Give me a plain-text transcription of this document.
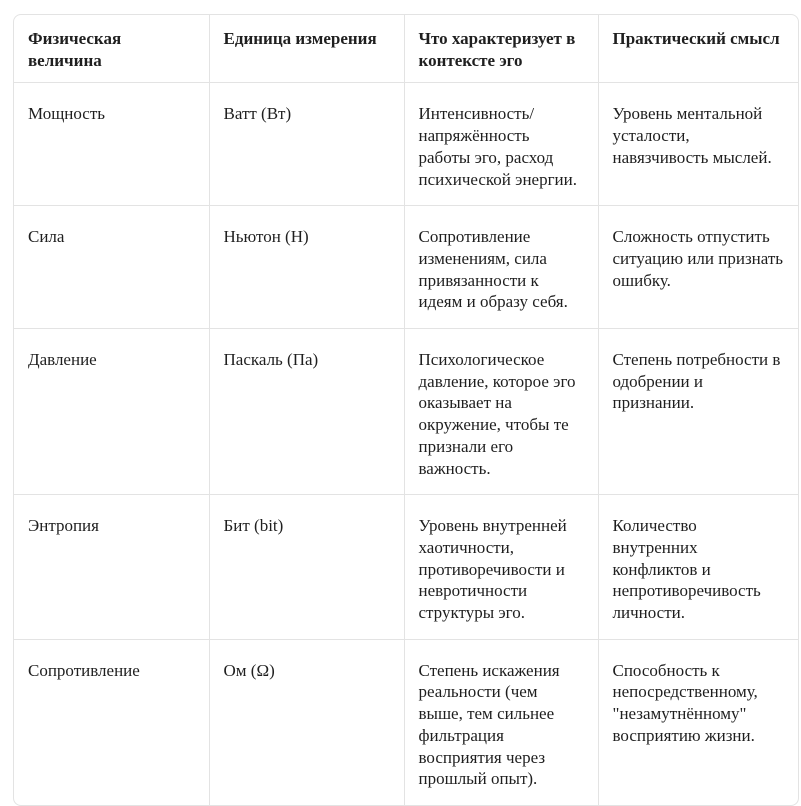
Физическая величина	Единица измерения	Что характеризует в контексте эго	Практический смысл
Мощность	Ватт (Вт)	Интенсивность/ напряжённость работы эго, расход психической энергии.	Уровень ментальной усталости, навязчивость мыслей.
Сила	Ньютон (Н)	Сопротивление изменениям, сила привязанности к идеям и образу себя.	Сложность отпустить ситуацию или признать ошибку.
Давление	Паскаль (Па)	Психологическое давление, которое эго оказывает на окружение, чтобы те признали его важность.	Степень потребности в одобрении и признании.
Энтропия	Бит (bit)	Уровень внутренней хаотичности, противоречивости и невротичности структуры эго.	Количество внутренних конфликтов и непротиворечивость личности.
Сопротивление	Ом (Ω)	Степень искажения реальности (чем выше, тем сильнее фильтрация восприятия через прошлый опыт).	Способность к непосредственному, "незамутнённому" восприятию жизни.
